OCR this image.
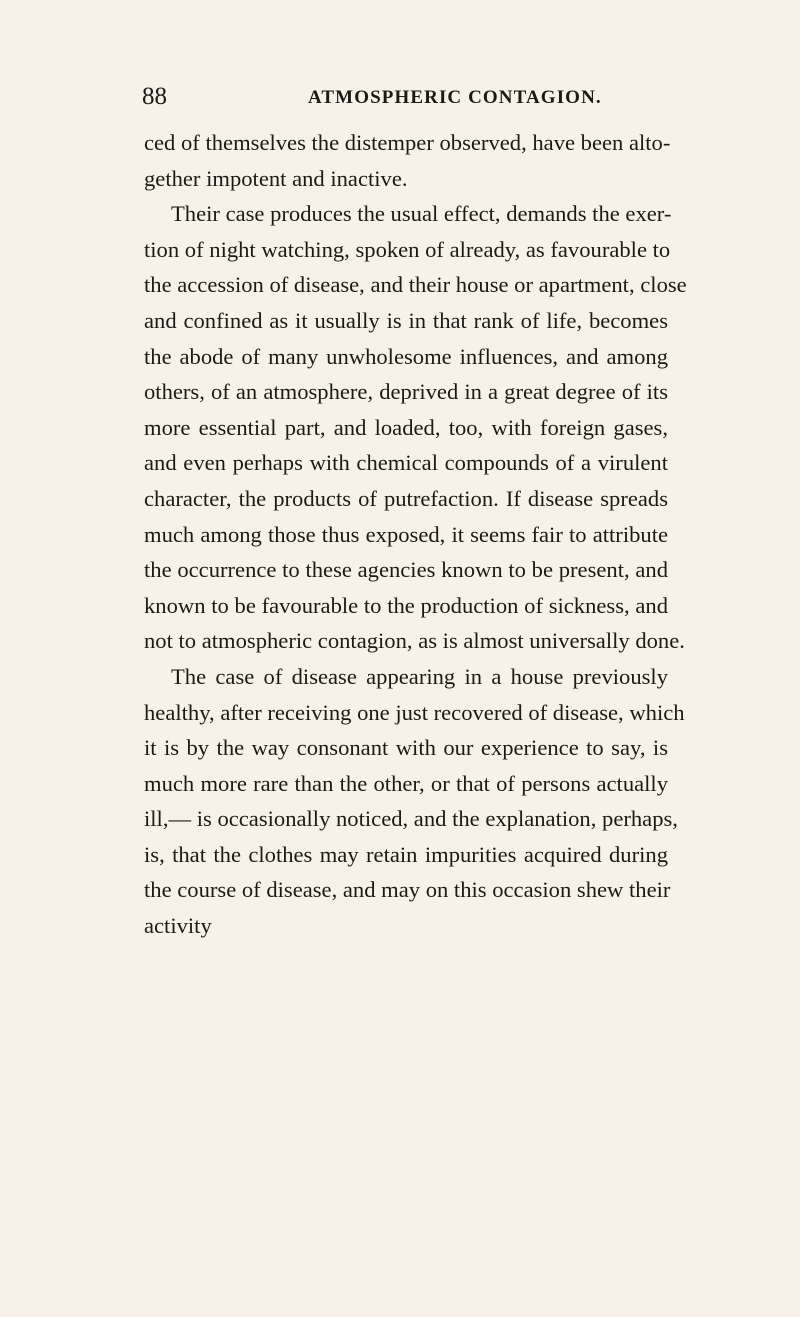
88	ATMOSPHERIC CONTAGION.
ced of themselves the distemper observed, have been alto-
gether impotent and inactive.
Their case produces the usual effect, demands the exer-
tion of night watching, spoken of already, as favourable to
the accession of disease, and their house or apartment, close
and confined as it usually is in that rank of life, becomes
the abode of many unwholesome influences, and among
others, of an atmosphere, deprived in a great degree of its
more essential part, and loaded, too, with foreign gases,
and even perhaps with chemical compounds of a virulent
character, the products of putrefaction. If disease spreads
much among those thus exposed, it seems fair to attribute
the occurrence to these agencies known to be present, and
known to be favourable to the production of sickness, and
not to atmospheric contagion, as is almost universally done.
The case of disease appearing in a house previously
healthy, after receiving one just recovered of disease, which
it is by the way consonant with our experience to say, is
much more rare than the other, or that of persons actually
ill,— is occasionally noticed, and the explanation, perhaps,
is, that the clothes may retain impurities acquired during
the course of disease, and may on this occasion shew their
activity
